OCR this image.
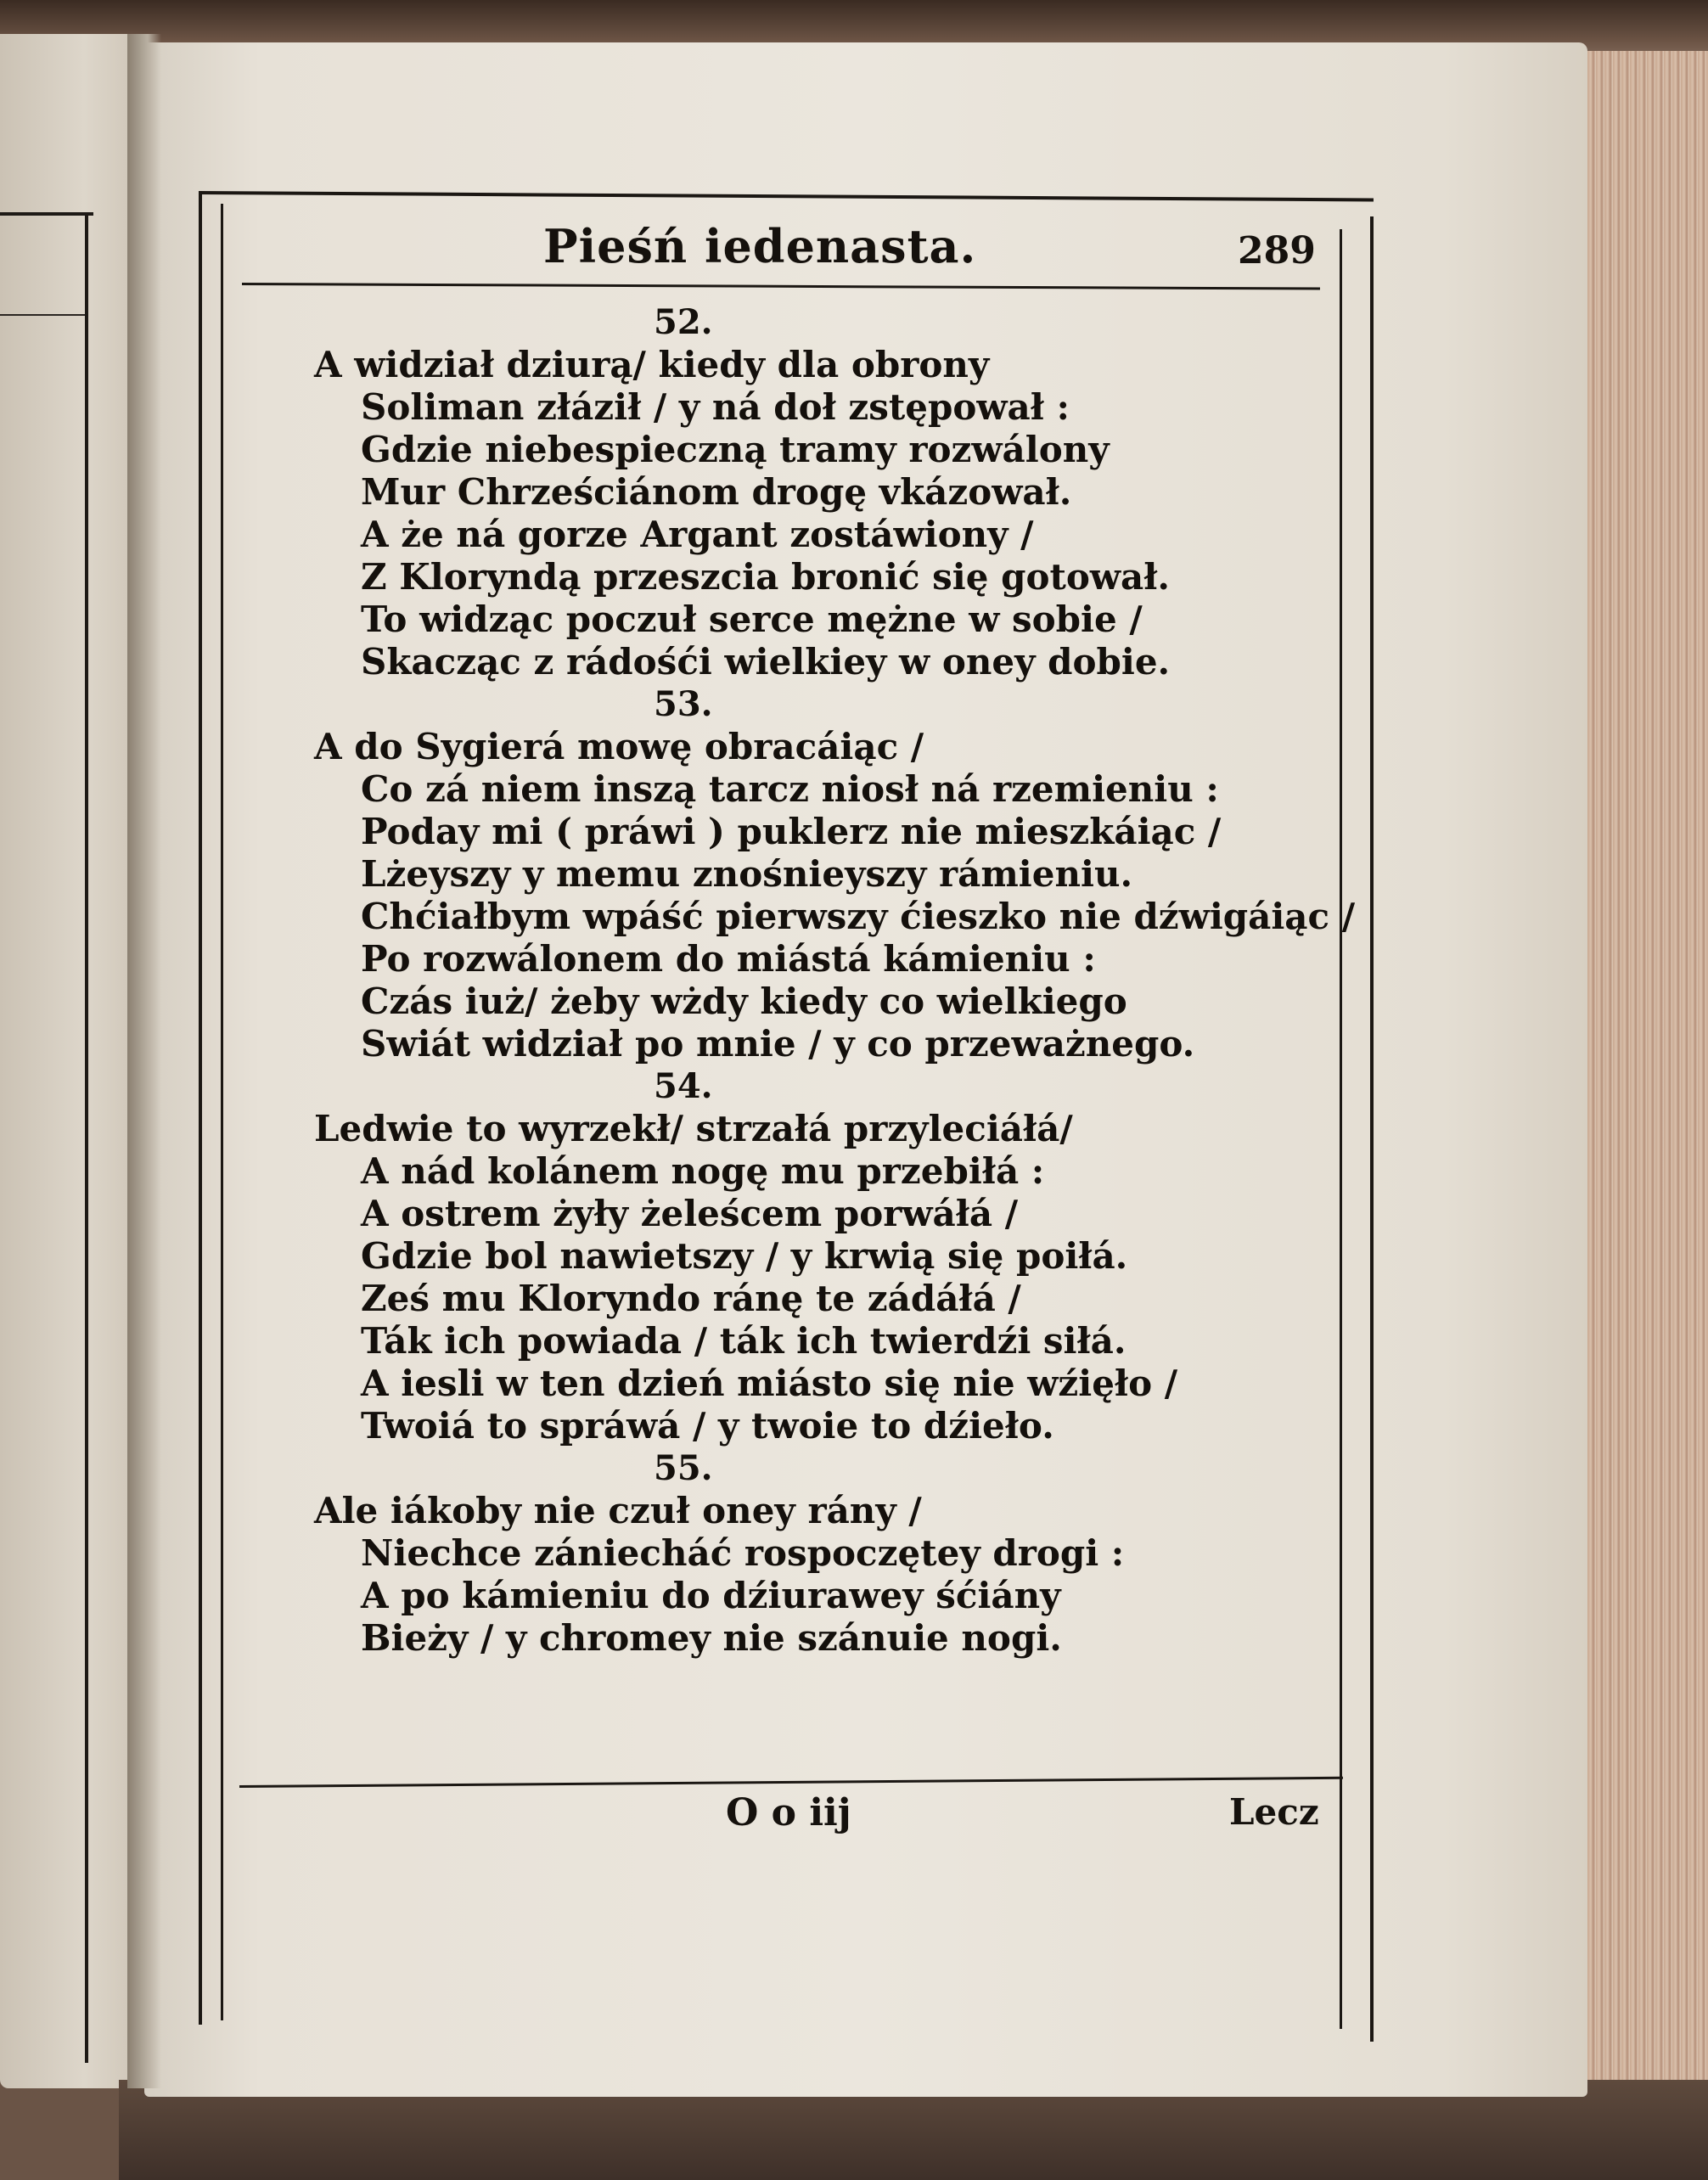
Pieśń iedenasta.	289
52.
A widział dziurą/ kiedy dla obrony
Soliman złáził / y ná doł zstępował :
Gdzie niebespieczną tramy rozwálony
Mur Chrześciánom drogę vkázował.
A że ná gorze Argant zostáwiony /
Z Kloryndą przeszcia bronić się gotował.
To widząc poczuł serce mężne w sobie /
Skacząc z rádośći wielkiey w oney dobie.
53.
A do Sygierá mowę obracáiąc /
Co zá niem inszą tarcz niosł ná rzemieniu :
Poday mi ( práwi ) puklerz nie mieszkáiąc /
Lżeyszy y memu znośnieyszy rámieniu.
Chćiałbym wpáść pierwszy ćieszko nie dźwigáiąc /
Po rozwálonem do miástá kámieniu :
Czás iuż/ żeby wżdy kiedy co wielkiego
Swiát widział po mnie / y co przeważnego.
54.
Ledwie to wyrzekł/ strzałá przyleciáłá/
A nád kolánem nogę mu przebiłá :
A ostrem żyły żeleścem porwáłá /
Gdzie bol nawietszy / y krwią się poiłá.
Ześ mu Kloryndo ránę te zádáłá /
Ták ich powiada / ták ich twierdźi siłá.
A iesli w ten dzień miásto się nie wźięło /
Twoiá to spráwá / y twoie to dźieło.
55.
Ale iákoby nie czuł oney rány /
Niechce zániecháć rospoczętey drogi :
A po kámieniu do dźiurawey śćiány
Bieży / y chromey nie szánuie nogi.
O o iij	Lecz
